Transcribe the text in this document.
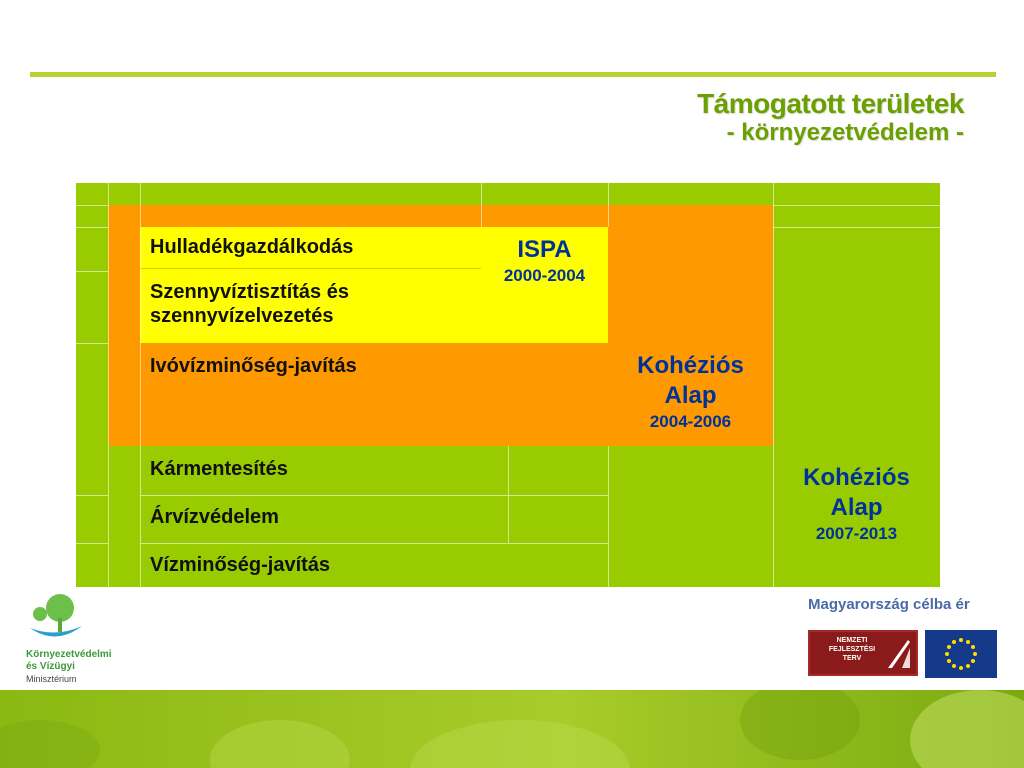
Támogatott területek
- környezetvédelem -
Hulladékgazdálkodás
Szennyvíztisztítás és szennyvízelvezetés
Ivóvízminőség-javítás
Kármentesítés
Árvízvédelem
Vízminőség-javítás
ISPA
2000-2004
Kohéziós
Alap
2004-2006
Kohéziós
Alap
2007-2013
Környezetvédelmi
és Vízügyi
Minisztérium
Magyarország célba ér
NEMZETI
FEJLESZTÉSI
TERV
